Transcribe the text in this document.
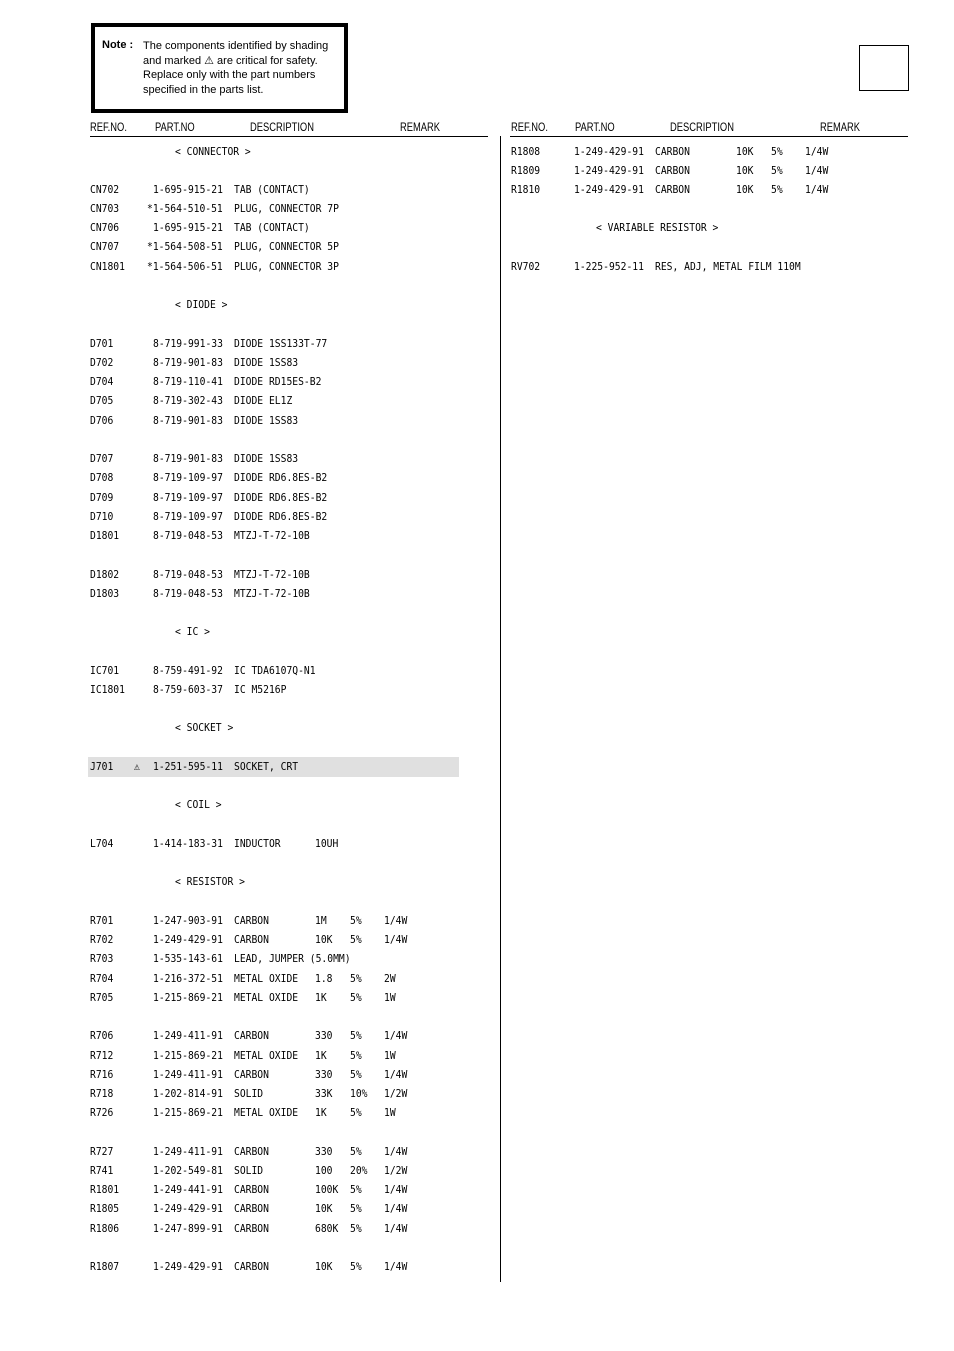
Note : The components identified by shading and marked ⚠ are critical for safety. Replace only with the part numbers specified in the parts list.
REF.NO. PART.NO	DESCRIPTION	REMARK	REF.NO. PART.NO	DESCRIPTION	REMARK
< CONNECTOR >
CN702	1-695-915-21 TAB (CONTACT)
CN703	*1-564-510-51 PLUG, CONNECTOR 7P
CN706	1-695-915-21 TAB (CONTACT)
CN707	*1-564-508-51 PLUG, CONNECTOR 5P
CN1801 *1-564-506-51 PLUG, CONNECTOR 3P
< DIODE >
D701	8-719-991-33 DIODE 1SS133T-77
D702	8-719-901-83 DIODE 1SS83
D704	8-719-110-41 DIODE RD15ES-B2
D705	8-719-302-43 DIODE EL1Z
D706	8-719-901-83 DIODE 1SS83
D707	8-719-901-83 DIODE 1SS83
D708	8-719-109-97 DIODE RD6.8ES-B2
D709	8-719-109-97 DIODE RD6.8ES-B2
D710	8-719-109-97 DIODE RD6.8ES-B2
D1801	8-719-048-53 MTZJ-T-72-10B
D1802	8-719-048-53 MTZJ-T-72-10B
D1803	8-719-048-53 MTZJ-T-72-10B
< IC >
IC701	8-759-491-92 IC TDA6107Q-N1
IC1801	8-759-603-37 IC M5216P
< SOCKET >
J701 ⚠ 1-251-595-11 SOCKET, CRT
< COIL >
L704	1-414-183-31 INDUCTOR	10UH
< RESISTOR >
R701	1-247-903-91 CARBON	1M 5% 1/4W
R702	1-249-429-91 CARBON	10K 5% 1/4W
R703	1-535-143-61 LEAD, JUMPER (5.0MM)
R704	1-216-372-51 METAL OXIDE 1.8 5% 2W
R705	1-215-869-21 METAL OXIDE 1K 5% 1W
R706	1-249-411-91 CARBON	330 5% 1/4W
R712	1-215-869-21 METAL OXIDE 1K 5% 1W
R716	1-249-411-91 CARBON	330 5% 1/4W
R718	1-202-814-91 SOLID	33K 10% 1/2W
R726	1-215-869-21 METAL OXIDE 1K 5% 1W
R727	1-249-411-91 CARBON	330 5% 1/4W
R741	1-202-549-81 SOLID	100 20% 1/2W
R1801	1-249-441-91 CARBON	100K 5% 1/4W
R1805	1-249-429-91 CARBON	10K 5% 1/4W
R1806	1-247-899-91 CARBON	680K 5% 1/4W
R1807	1-249-429-91 CARBON	10K 5% 1/4W
R1808	1-249-429-91 CARBON	10K 5% 1/4W
R1809	1-249-429-91 CARBON	10K 5% 1/4W
R1810	1-249-429-91 CARBON	10K 5% 1/4W
< VARIABLE RESISTOR >
RV702	1-225-952-11 RES, ADJ, METAL FILM 110M
